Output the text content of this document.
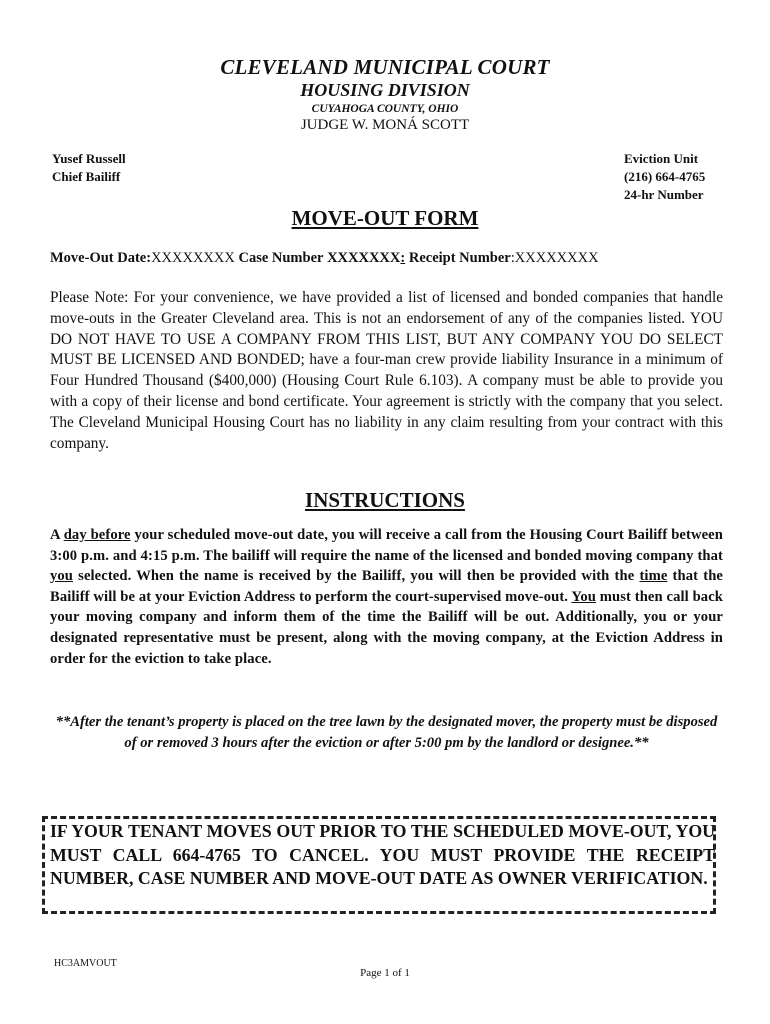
CLEVELAND MUNICIPAL COURT
HOUSING DIVISION
CUYAHOGA COUNTY, OHIO
JUDGE W. MONÁ SCOTT
Yusef Russell
Chief Bailiff
Eviction Unit
(216) 664-4765
24-hr Number
MOVE-OUT FORM
Move-Out Date:XXXXXXXX Case Number XXXXXXX: Receipt Number:XXXXXXXX
Please Note: For your convenience, we have provided a list of licensed and bonded companies that handle move-outs in the Greater Cleveland area. This is not an endorsement of any of the companies listed. YOU DO NOT HAVE TO USE A COMPANY FROM THIS LIST, BUT ANY COMPANY YOU DO SELECT MUST BE LICENSED AND BONDED; have a four-man crew provide liability Insurance in a minimum of Four Hundred Thousand ($400,000) (Housing Court Rule 6.103). A company must be able to provide you with a copy of their license and bond certificate. Your agreement is strictly with the company that you select. The Cleveland Municipal Housing Court has no liability in any claim resulting from your contract with this company.
INSTRUCTIONS
A day before your scheduled move-out date, you will receive a call from the Housing Court Bailiff between 3:00 p.m. and 4:15 p.m. The bailiff will require the name of the licensed and bonded moving company that you selected. When the name is received by the Bailiff, you will then be provided with the time that the Bailiff will be at your Eviction Address to perform the court-supervised move-out. You must then call back your moving company and inform them of the time the Bailiff will be out. Additionally, you or your designated representative must be present, along with the moving company, at the Eviction Address in order for the eviction to take place.
**After the tenant’s property is placed on the tree lawn by the designated mover, the property must be disposed of or removed 3 hours after the eviction or after 5:00 pm by the landlord or designee.**
IF YOUR TENANT MOVES OUT PRIOR TO THE SCHEDULED MOVE-OUT, YOU MUST CALL 664-4765 TO CANCEL. YOU MUST PROVIDE THE RECEIPT NUMBER, CASE NUMBER AND MOVE-OUT DATE AS OWNER VERIFICATION.
HC3AMVOUT
Page 1 of 1
